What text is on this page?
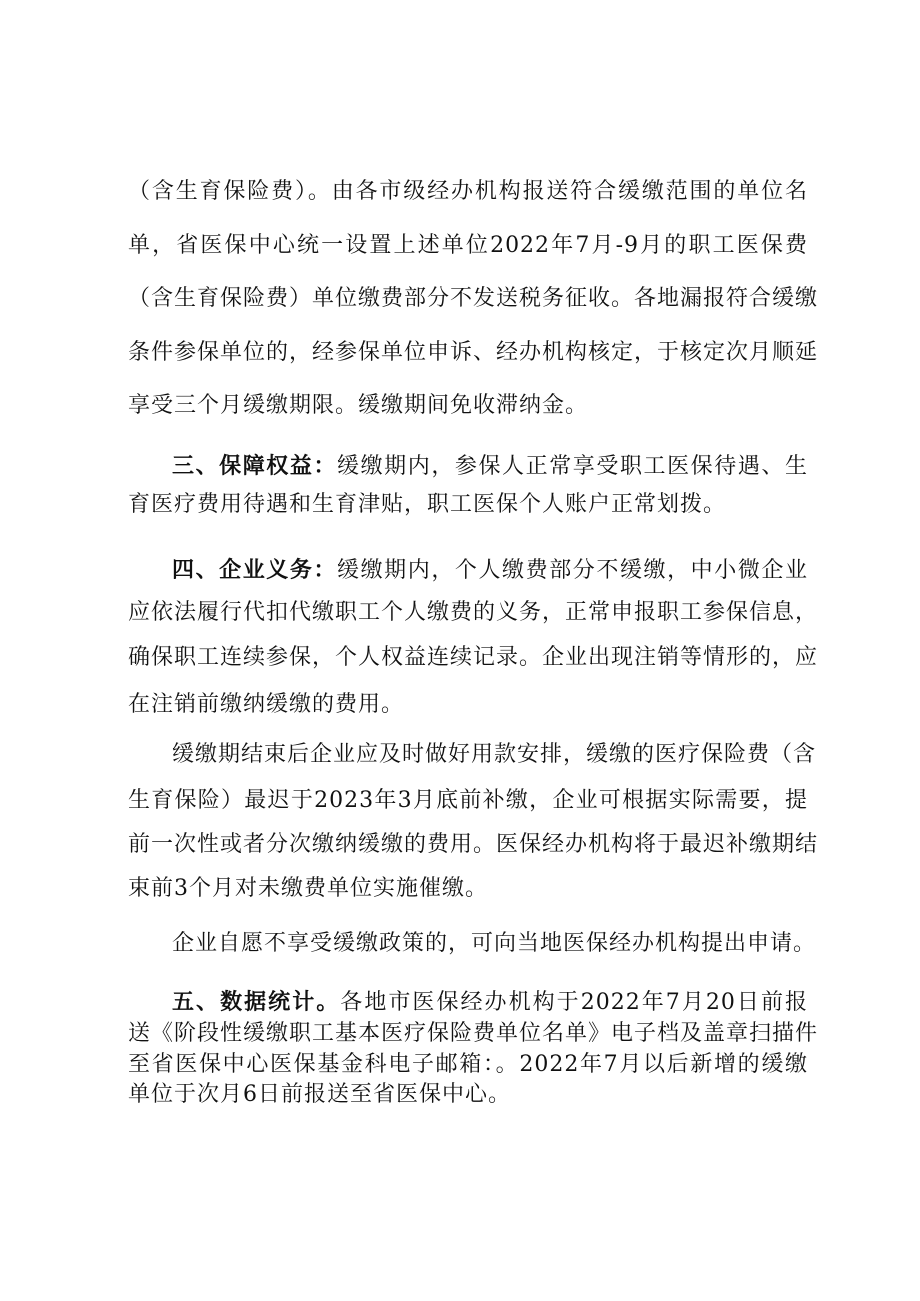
（含生育保险费）。由各市级经办机构报送符合缓缴范围的单位名
单，省医保中心统一设置上述单位2022年7月-9月的职工医保费
（含生育保险费）单位缴费部分不发送税务征收。各地漏报符合缓缴
条件参保单位的，经参保单位申诉、经办机构核定，于核定次月顺延
享受三个月缓缴期限。缓缴期间免收滞纳金。
三、保障权益：缓缴期内，参保人正常享受职工医保待遇、生
育医疗费用待遇和生育津贴，职工医保个人账户正常划拨。
四、企业义务：缓缴期内，个人缴费部分不缓缴，中小微企业
应依法履行代扣代缴职工个人缴费的义务，正常申报职工参保信息，
确保职工连续参保，个人权益连续记录。企业出现注销等情形的，应
在注销前缴纳缓缴的费用。
缓缴期结束后企业应及时做好用款安排，缓缴的医疗保险费（含
生育保险）最迟于2023年3月底前补缴，企业可根据实际需要，提
前一次性或者分次缴纳缓缴的费用。医保经办机构将于最迟补缴期结
束前3个月对未缴费单位实施催缴。
企业自愿不享受缓缴政策的，可向当地医保经办机构提出申请。
五、数据统计。各地市医保经办机构于2022年7月20日前报
送《阶段性缓缴职工基本医疗保险费单位名单》电子档及盖章扫描件
至省医保中心医保基金科电子邮箱：。2022年7月以后新增的缓缴
单位于次月6日前报送至省医保中心。
